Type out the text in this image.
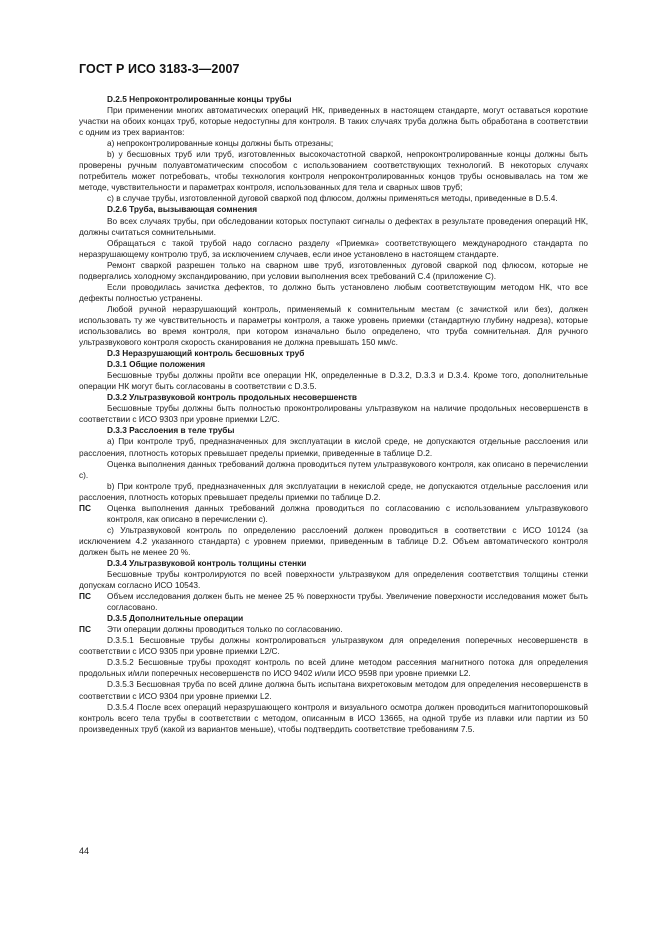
ГОСТ Р ИСО 3183-3—2007

D.2.5 Непроконтролированные концы трубы

При применении многих автоматических операций НК, приведенных в настоящем стандарте, могут оставаться короткие участки на обоих концах труб, которые недоступны для контроля. В таких случаях труба должна быть обработана в соответствии с одним из трех вариантов:

а) непроконтролированные концы должны быть отрезаны;

b) у бесшовных труб или труб, изготовленных высокочастотной сваркой, непроконтролированные концы должны быть проверены ручным полуавтоматическим способом с использованием соответствующих технологий. В некоторых случаях потребитель может потребовать, чтобы технология контроля непроконтролированных концов трубы основывалась на том же методе, чувствительности и параметрах контроля, использованных для тела и сварных швов труб;

с) в случае трубы, изготовленной дуговой сваркой под флюсом, должны применяться методы, приведенные в D.5.4.

D.2.6 Труба, вызывающая сомнения

Во всех случаях трубы, при обследовании которых поступают сигналы о дефектах в результате проведения операций НК, должны считаться сомнительными.

Обращаться с такой трубой надо согласно разделу «Приемка» соответствующего международного стандарта по неразрушающему контролю труб, за исключением случаев, если иное установлено в настоящем стандарте.

Ремонт сваркой разрешен только на сварном шве труб, изготовленных дуговой сваркой под флюсом, которые не подвергались холодному экспандированию, при условии выполнения всех требований С.4 (приложение С).

Если проводилась зачистка дефектов, то должно быть установлено любым соответствующим методом НК, что все дефекты полностью устранены.

Любой ручной неразрушающий контроль, применяемый к сомнительным местам (с зачисткой или без), должен использовать ту же чувствительность и параметры контроля, а также уровень приемки (стандартную глубину надреза), которые использовались во время контроля, при котором изначально было определено, что труба сомнительная. Для ручного ультразвукового контроля скорость сканирования не должна превышать 150 мм/с.

D.3 Неразрушающий контроль бесшовных труб

D.3.1 Общие положения

Бесшовные трубы должны пройти все операции НК, определенные в D.3.2, D.3.3 и D.3.4. Кроме того, дополнительные операции НК могут быть согласованы в соответствии с D.3.5.

D.3.2 Ультразвуковой контроль продольных несовершенств

Бесшовные трубы должны быть полностью проконтролированы ультразвуком на наличие продольных несовершенств в соответствии с ИСО 9303 при уровне приемки L2/C.

D.3.3 Расслоения в теле трубы

а) При контроле труб, предназначенных для эксплуатации в кислой среде, не допускаются отдельные расслоения или расслоения, плотность которых превышает пределы приемки, приведенные в таблице D.2.

Оценка выполнения данных требований должна проводиться путем ультразвукового контроля, как описано в перечислении с).

b) При контроле труб, предназначенных для эксплуатации в некислой среде, не допускаются отдельные расслоения или расслоения, плотность которых превышает пределы приемки по таблице D.2.

ПС	Оценка выполнения данных требований должна проводиться по согласованию с использованием ультразвукового контроля, как описано в перечислении с).

с) Ультразвуковой контроль по определению расслоений должен проводиться в соответствии с ИСО 10124 (за исключением 4.2 указанного стандарта) с уровнем приемки, приведенным в таблице D.2. Объем автоматического контроля должен быть не менее 20 %.

D.3.4 Ультразвуковой контроль толщины стенки

Бесшовные трубы контролируются по всей поверхности ультразвуком для определения соответствия толщины стенки допускам согласно ИСО 10543.

ПС	Объем исследования должен быть не менее 25 % поверхности трубы. Увеличение поверхности исследования может быть согласовано.

D.3.5 Дополнительные операции

ПС	Эти операции должны проводиться только по согласованию.

D.3.5.1 Бесшовные трубы должны контролироваться ультразвуком для определения поперечных несовершенств в соответствии с ИСО 9305 при уровне приемки L2/C.

D.3.5.2 Бесшовные трубы проходят контроль по всей длине методом рассеяния магнитного потока для определения продольных и/или поперечных несовершенств по ИСО 9402 и/или ИСО 9598 при уровне приемки L2.

D.3.5.3 Бесшовная труба по всей длине должна быть испытана вихретоковым методом для определения несовершенств в соответствии с ИСО 9304 при уровне приемки L2.

D.3.5.4 После всех операций неразрушающего контроля и визуального осмотра должен проводиться магнитопорошковый контроль всего тела трубы в соответствии с методом, описанным в ИСО 13665, на одной трубе из плавки или партии из 50 произведенных труб (какой из вариантов меньше), чтобы подтвердить соответствие требованиям 7.5.

44
